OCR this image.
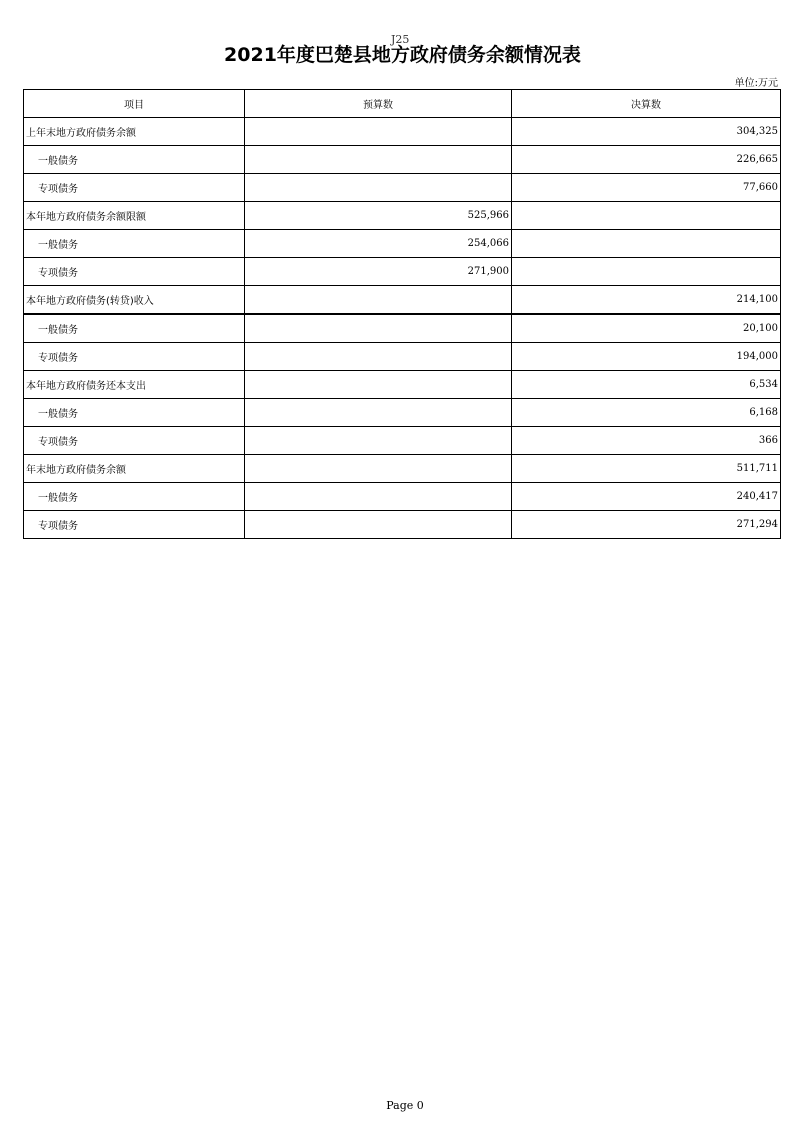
J25
2021年度巴楚县地方政府债务余额情况表
单位:万元
项目	预算数	决算数
上年末地方政府债务余额		304,325
一般债务		226,665
专项债务		77,660
本年地方政府债务余额限额	525,966	
一般债务	254,066	
专项债务	271,900	
本年地方政府债务(转贷)收入		214,100
一般债务		20,100
专项债务		194,000
本年地方政府债务还本支出		6,534
一般债务		6,168
专项债务		366
年末地方政府债务余额		511,711
一般债务		240,417
专项债务		271,294
Page 0
